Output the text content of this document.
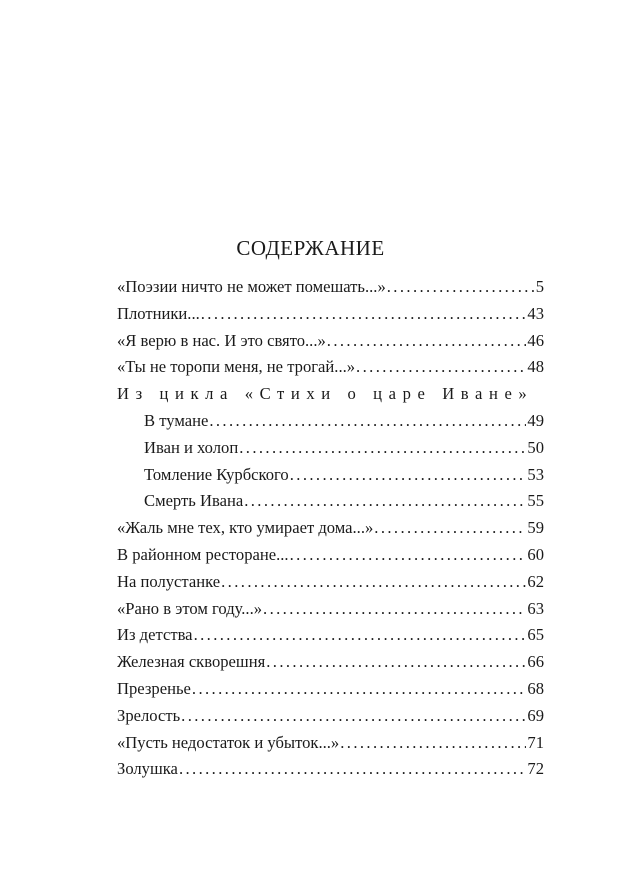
СОДЕРЖАНИЕ
«Поэзии ничто не может помешать...» .....	5
Плотники... .....	43
«Я верю в нас. И это свято...» .....	46
«Ты не торопи меня, не трогай...» .....	48
Из цикла «Стихи о царе Иване»
В тумане .....	49
Иван и холоп .....	50
Томление Курбского .....	53
Смерть Ивана .....	55
«Жаль мне тех, кто умирает дома...» .....	59
В районном ресторане... .....	60
На полустанке .....	62
«Рано в этом году...» .....	63
Из детства .....	65
Железная скворешня .....	66
Презренье .....	68
Зрелость .....	69
«Пусть недостаток и убыток...» .....	71
Золушка .....	72
